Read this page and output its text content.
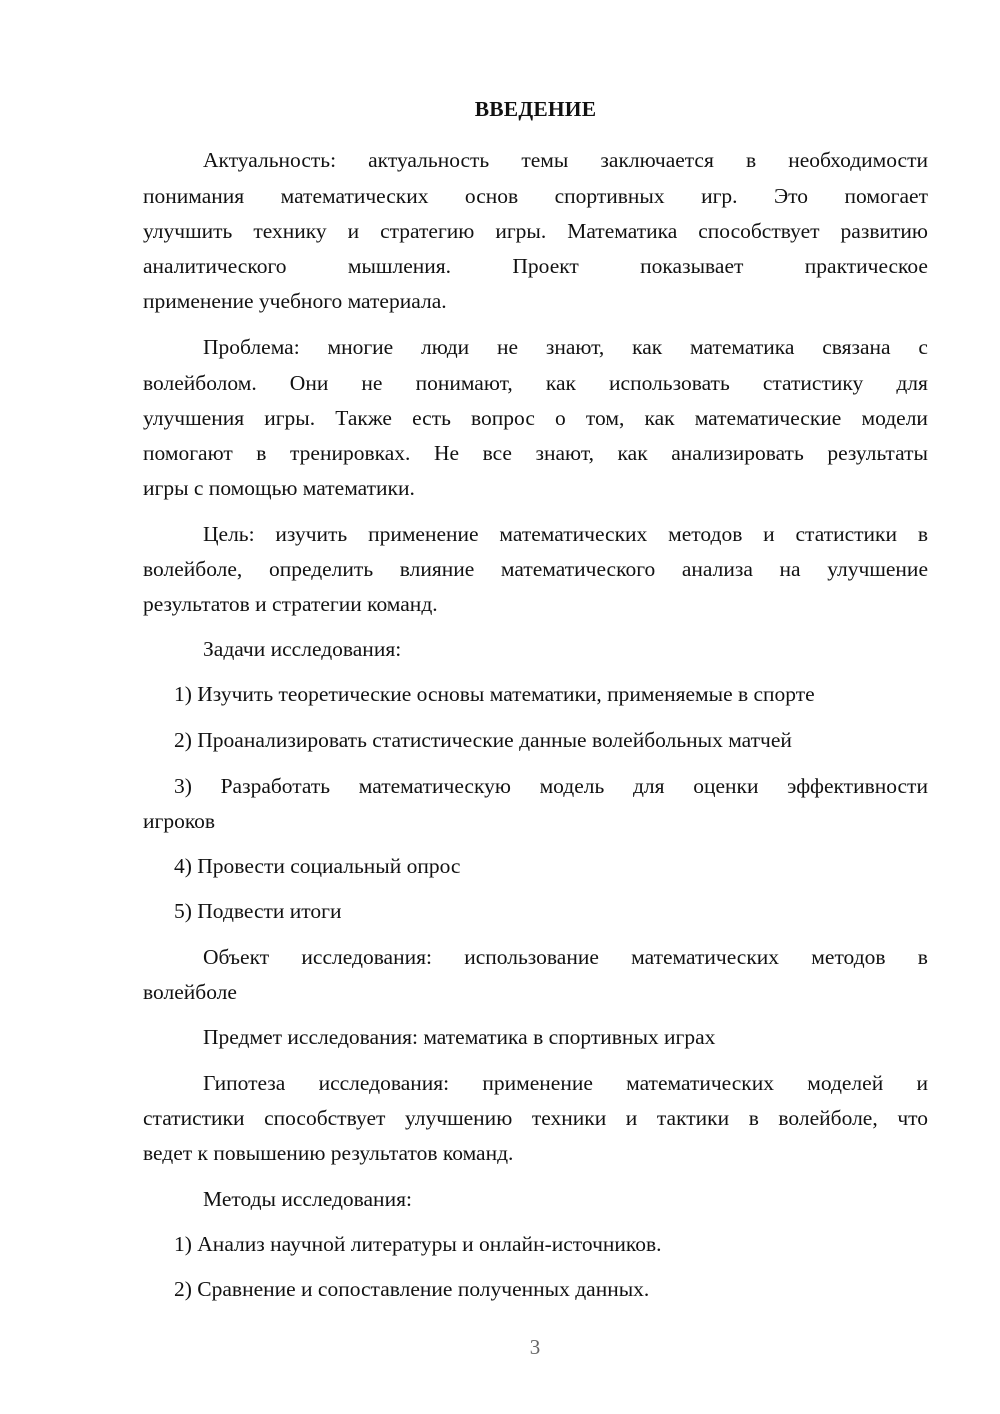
ВВЕДЕНИЕ
Актуальность: актуальность темы заключается в необходимости
понимания математических основ спортивных игр. Это помогает
улучшить технику и стратегию игры. Математика способствует развитию
аналитического	мышления.	Проект	показывает	практическое
применение учебного материала.
Проблема: многие люди не знают, как математика связана с
волейболом. Они не понимают, как использовать статистику для
улучшения игры. Также есть вопрос о том, как математические модели
помогают в тренировках. Не все знают, как анализировать результаты
игры с помощью математики.
Цель: изучить применение математических методов и статистики в
волейболе, определить влияние математического анализа на улучшение
результатов и стратегии команд.
Задачи исследования:
1) Изучить теоретические основы математики, применяемые в спорте
2) Проанализировать статистические данные волейбольных матчей
3) Разработать математическую модель для оценки эффективности
игроков
4) Провести социальный опрос
5) Подвести итоги
Объект исследования: использование математических методов в
волейболе
Предмет исследования: математика в спортивных играх
Гипотеза исследования: применение математических моделей и
статистики способствует улучшению техники и тактики в волейболе, что
ведет к повышению результатов команд.
Методы исследования:
1) Анализ научной литературы и онлайн-источников.
2) Сравнение и сопоставление полученных данных.

3
